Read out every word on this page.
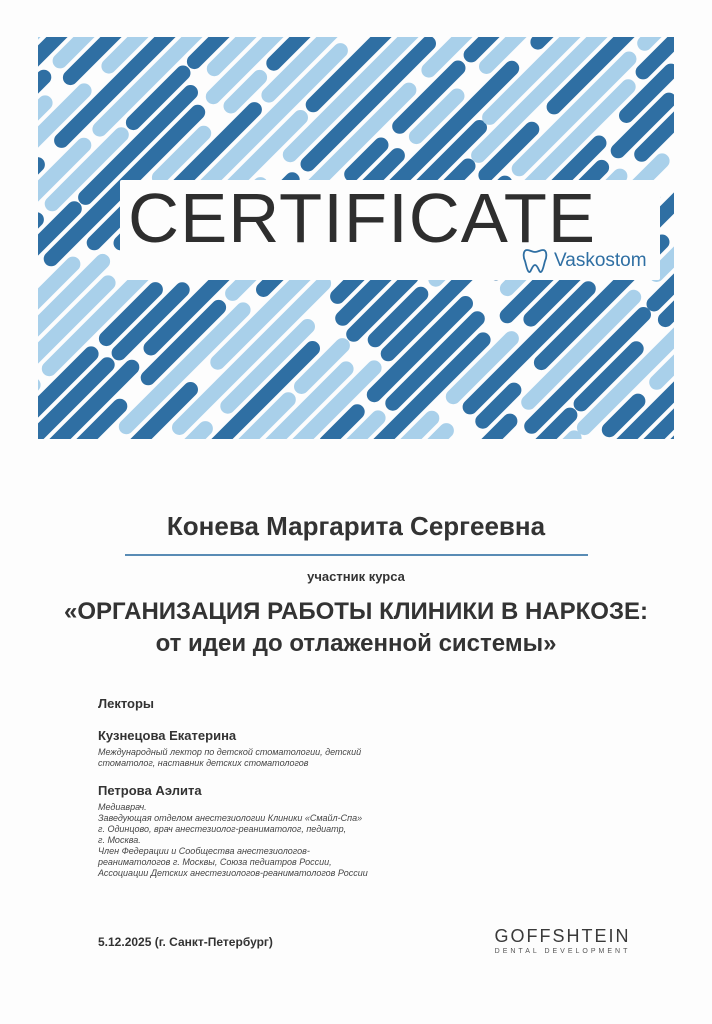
CERTIFICATE
Vaskostom
Конева Маргарита Сергеевна
участник курса
«ОРГАНИЗАЦИЯ РАБОТЫ КЛИНИКИ В НАРКОЗЕ:
от идеи до отлаженной системы»
Лекторы
Кузнецова Екатерина
Международный лектор по детской стоматологии, детский
стоматолог, наставник детских стоматологов
Петрова Аэлита
Медиаврач.
Заведующая отделом анестезиологии Клиники «Смайл-Спа»
г. Одинцово, врач анестезиолог-реаниматолог, педиатр,
г. Москва.
Член Федерации и Сообщества анестезиологов-
реаниматологов г. Москвы, Союза педиатров России,
Ассоциации Детских анестезиологов-реаниматологов России
5.12.2025 (г. Санкт-Петербург)	GOFFSHTEIN
DENTAL DEVELOPMENT
